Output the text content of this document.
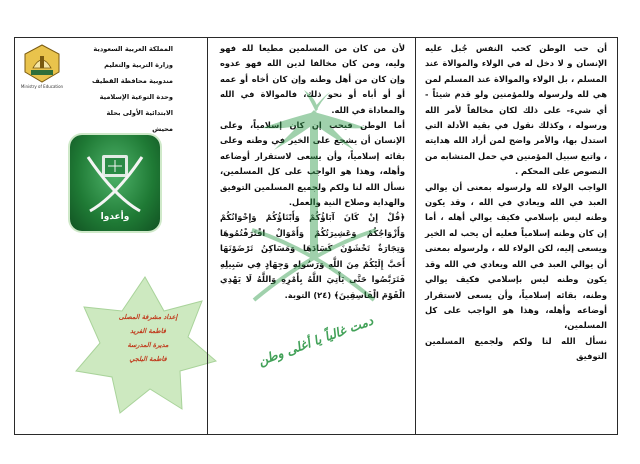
Ministry of Education
المملكة العربية السعودية
وزارة التربية والتعليم
مندوبية محافظة القطيف
وحدة التوعية الإسلامية
الابتدائية الأولى بحلة محيش
وأعدوا
إعداد مشرفة المصلى
فاطمة الفريد
مديرة المدرسة
فاطمة البلجي
لأن من كان من المسلمين مطيعا لله فهو وليه، ومن كان مخالفا لدين الله فهو عدوه وإن كان من أهل وطنه وإن كان أخاه أو عمه أو أو أباه أو نحو ذلك، فالموالاة في الله والمعاداة في الله.
أما الوطن فيحب إن كان إسلامياً، وعلى الإنسان أن يشجع على الخير في وطنه وعلى بقائه إسلامياً، وأن يسعى لاستقرار أوضاعه وأهله، وهذا هو الواجب على كل المسلمين، نسأل الله لنا ولكم ولجميع المسلمين التوفيق والهداية وصلاح النية والعمل.
﴿قُلْ إِنْ كَانَ آبَاؤُكُمْ وَأَبْنَاؤُكُمْ وَإِخْوَانُكُمْ وَأَزْوَاجُكُمْ وَعَشِيرَتُكُمْ وَأَمْوَالٌ اقْتَرَفْتُمُوهَا وَتِجَارَةٌ تَخْشَوْنَ كَسَادَهَا وَمَسَاكِنُ تَرْضَوْنَهَا أَحَبَّ إِلَيْكُمْ مِنَ اللَّهِ وَرَسُولِهِ وَجِهَادٍ فِي سَبِيلِهِ فَتَرَبَّصُوا حَتَّى يَأْتِيَ اللَّهُ بِأَمْرِهِ وَاللَّهُ لَا يَهْدِي الْقَوْمَ الْفَاسِقِينَ﴾ (٢٤) التوبة.
أن حب الوطن كحب النفس جُبل عليه الإنسان و لا دخل له في الولاء والموالاة عند المسلم ، بل الولاء والموالاة عند المسلم لمن هي لله ولرسوله وللمؤمنين ولو قدم شيئاً - أي شيء- على ذلك لكان مخالفاً لأمر الله ورسوله ، وكذلك نقول في بقية الأدلة التي استدل بها، والأمر واضح لمن أراد الله هدايته ، واتبع سبيل المؤمنين في حمل المتشابه من النصوص على المحكم .
الواجب الولاء لله ولرسوله بمعنى أن يوالي العبد في الله ويعادي في الله ، وقد يكون وطنه ليس بإسلامي فكيف يوالي أهله ، أما إن كان وطنه إسلامياً فعليه أن يحب له الخير ويسعى إليه، لكن الولاء لله ، ولرسوله بمعنى أن يوالي العبد في الله ويعادي في الله وقد يكون وطنه ليس بإسلامي فكيف يوالي وطنه، بقائه إسلامياً، وأن يسعى لاستقرار أوضاعه وأهله، وهذا هو الواجب على كل المسلمين،
نسأل الله لنا ولكم ولجميع المسلمين التوفيق
دمت غالياً يا أغلى وطن
